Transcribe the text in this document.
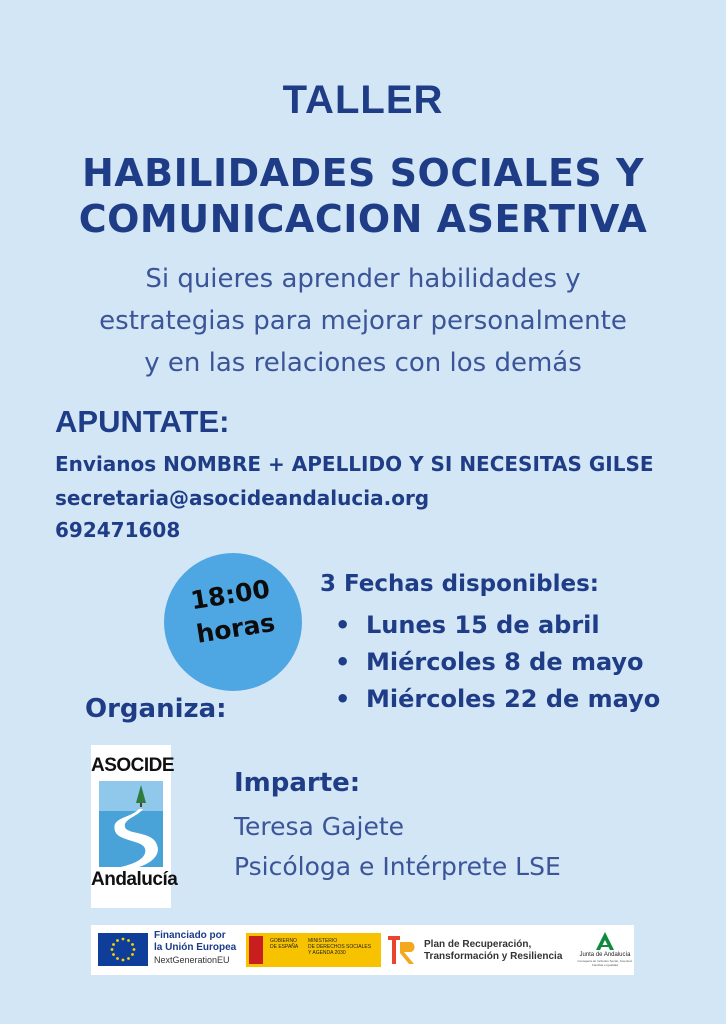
TALLER
HABILIDADES SOCIALES Y
COMUNICACION ASERTIVA
Si quieres aprender habilidades y
estrategias para mejorar personalmente
y en las relaciones con los demás
APUNTATE:
Envianos NOMBRE + APELLIDO Y SI NECESITAS GILSE
secretaria@asocideandalucia.org
692471608
18:00
horas
3 Fechas disponibles:
• Lunes 15 de abril
• Miércoles 8 de mayo
• Miércoles 22 de mayo
Organiza:
ASOCIDE
Andalucía
Imparte:
Teresa Gajete
Psicóloga e Intérprete LSE
Financiado por
la Unión Europea
NextGenerationEU
GOBIERNO
DE ESPAÑA
MINISTERIO
DE DERECHOS SOCIALES
Y AGENDA 2030
Plan de Recuperación,
Transformación y Resiliencia	Junta de Andalucía
Consejería de Inclusión Social, Juventud, Familias e Igualdad
